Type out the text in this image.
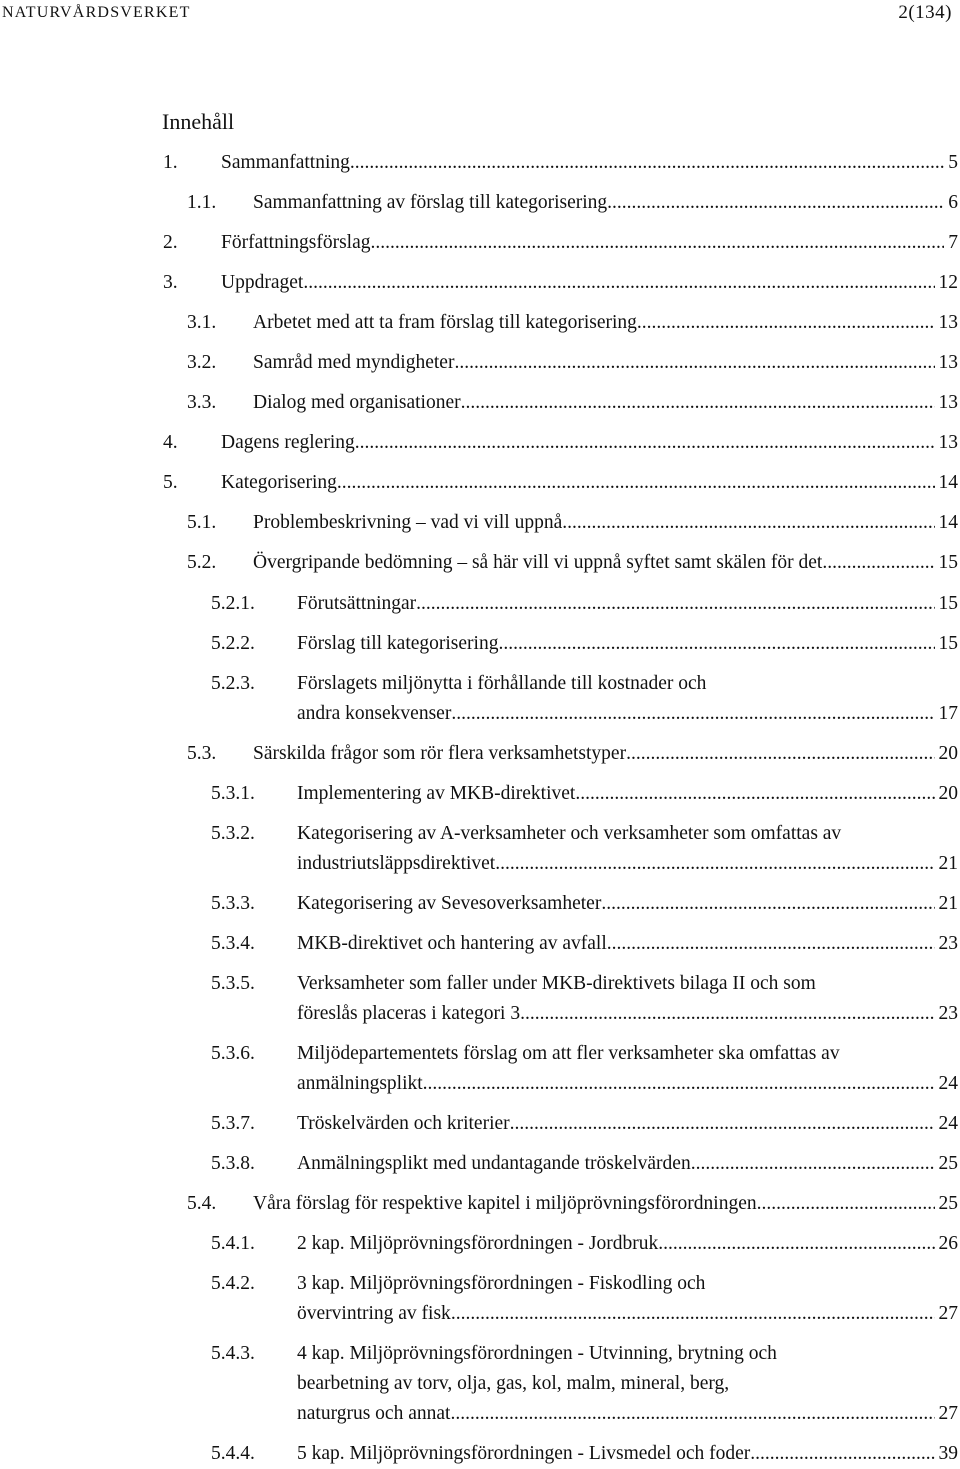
NATURVÅRDSVERKET	2(134)
Innehåll
1. Sammanfattning .....	5
1.1. Sammanfattning av förslag till kategorisering .....	6
2. Författningsförslag .....	7
3. Uppdraget .....	12
3.1. Arbetet med att ta fram förslag till kategorisering .....	13
3.2. Samråd med myndigheter .....	13
3.3. Dialog med organisationer .....	13
4. Dagens reglering .....	13
5. Kategorisering .....	14
5.1. Problembeskrivning – vad vi vill uppnå .....	14
5.2. Övergripande bedömning – så här vill vi uppnå syftet samt skälen för det .....	15
5.2.1. Förutsättningar .....	15
5.2.2. Förslag till kategorisering .....	15
5.2.3. Förslagets miljönytta i förhållande till kostnader och
andra konsekvenser .....	17
5.3. Särskilda frågor som rör flera verksamhetstyper .....	20
5.3.1. Implementering av MKB-direktivet .....	20
5.3.2. Kategorisering av A-verksamheter och verksamheter som omfattas av
industriutsläppsdirektivet .....	21
5.3.3. Kategorisering av Sevesoverksamheter .....	21
5.3.4. MKB-direktivet och hantering av avfall .....	23
5.3.5. Verksamheter som faller under MKB-direktivets bilaga II och som
föreslås placeras i kategori 3 .....	23
5.3.6. Miljödepartementets förslag om att fler verksamheter ska omfattas av
anmälningsplikt .....	24
5.3.7. Tröskelvärden och kriterier .....	24
5.3.8. Anmälningsplikt med undantagande tröskelvärden .....	25
5.4. Våra förslag för respektive kapitel i miljöprövningsförordningen .....	25
5.4.1. 2 kap. Miljöprövningsförordningen - Jordbruk .....	26
5.4.2. 3 kap. Miljöprövningsförordningen - Fiskodling och
övervintring av fisk .....	27
5.4.3. 4 kap. Miljöprövningsförordningen - Utvinning, brytning och
bearbetning av torv, olja, gas, kol, malm, mineral, berg,
naturgrus och annat .....	27
5.4.4. 5 kap. Miljöprövningsförordningen - Livsmedel och foder .....	39
